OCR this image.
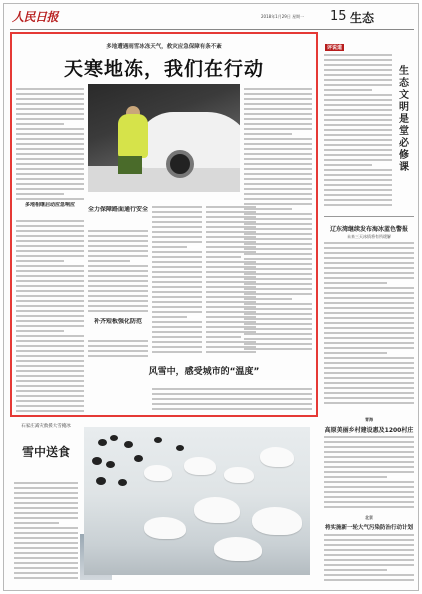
人民日报	2018年1月29日 星期一 15 生态
多地遭遇雨雪冰冻天气，救灾应急保障有条不紊
天寒地冻，我们在行动
多地相继启动应急响应
全力保障路面通行安全
补齐短板强化防范
风雪中，感受城市的“温度”
评说道
生态文明是堂必修课
辽东湾继续发布海冰蓝色警报
未来三天冰情将有所缓解
青海
高原美丽乡村建设惠及1200村庄
北京
将实施新一轮大气污染防治行动计划
石家庄减灾救援大雪掩冰
雪中送食
